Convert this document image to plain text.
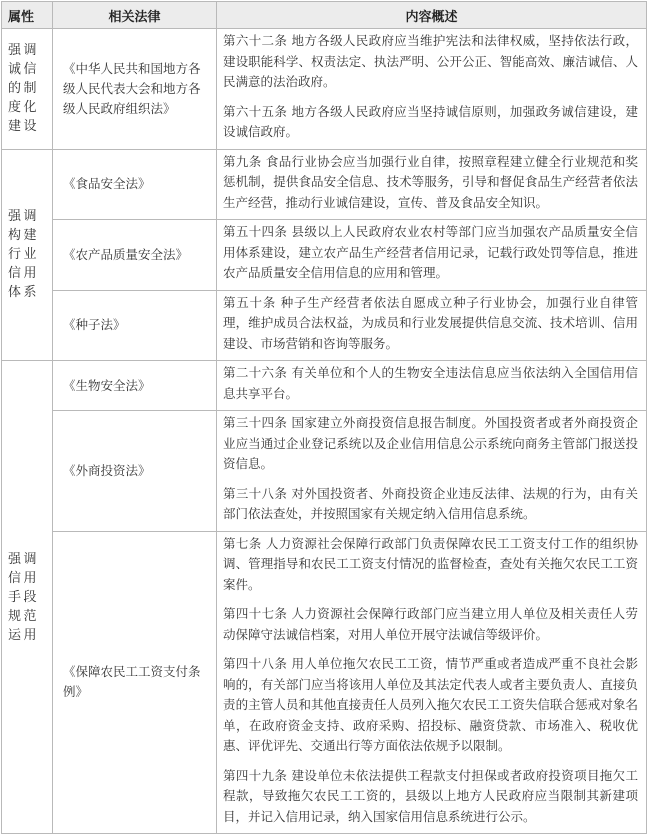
属性	相关法律	内容概述
强调诚信的制度化建设	《中华人民共和国地方各级人民代表大会和地方各级人民政府组织法》	第六十二条 地方各级人民政府应当维护宪法和法律权威，坚持依法行政，建设职能科学、权责法定、执法严明、公开公正、智能高效、廉洁诚信、人民满意的法治政府。

第六十五条 地方各级人民政府应当坚持诚信原则，加强政务诚信建设，建设诚信政府。

强调构建行业信用体系	《食品安全法》	第九条 食品行业协会应当加强行业自律，按照章程建立健全行业规范和奖惩机制，提供食品安全信息、技术等服务，引导和督促食品生产经营者依法生产经营，推动行业诚信建设，宣传、普及食品安全知识。

	《农产品质量安全法》	第五十四条 县级以上人民政府农业农村等部门应当加强农产品质量安全信用体系建设，建立农产品生产经营者信用记录，记载行政处罚等信息，推进农产品质量安全信用信息的应用和管理。

	《种子法》	第五十条 种子生产经营者依法自愿成立种子行业协会，加强行业自律管理，维护成员合法权益，为成员和行业发展提供信息交流、技术培训、信用建设、市场营销和咨询等服务。

强调信用手段规范运用	《生物安全法》	第二十六条 有关单位和个人的生物安全违法信息应当依法纳入全国信用信息共享平台。

	《外商投资法》	第三十四条 国家建立外商投资信息报告制度。外国投资者或者外商投资企业应当通过企业登记系统以及企业信用信息公示系统向商务主管部门报送投资信息。

第三十八条 对外国投资者、外商投资企业违反法律、法规的行为，由有关部门依法查处，并按照国家有关规定纳入信用信息系统。

	《保障农民工工资支付条例》	第七条 人力资源社会保障行政部门负责保障农民工工资支付工作的组织协调、管理指导和农民工工资支付情况的监督检查，查处有关拖欠农民工工资案件。

第四十七条 人力资源社会保障行政部门应当建立用人单位及相关责任人劳动保障守法诚信档案，对用人单位开展守法诚信等级评价。

第四十八条 用人单位拖欠农民工工资，情节严重或者造成严重不良社会影响的，有关部门应当将该用人单位及其法定代表人或者主要负责人、直接负责的主管人员和其他直接责任人员列入拖欠农民工工资失信联合惩戒对象名单，在政府资金支持、政府采购、招投标、融资贷款、市场准入、税收优惠、评优评先、交通出行等方面依法依规予以限制。

第四十九条 建设单位未依法提供工程款支付担保或者政府投资项目拖欠工程款，导致拖欠农民工工资的，县级以上地方人民政府应当限制其新建项目，并记入信用记录，纳入国家信用信息系统进行公示。
